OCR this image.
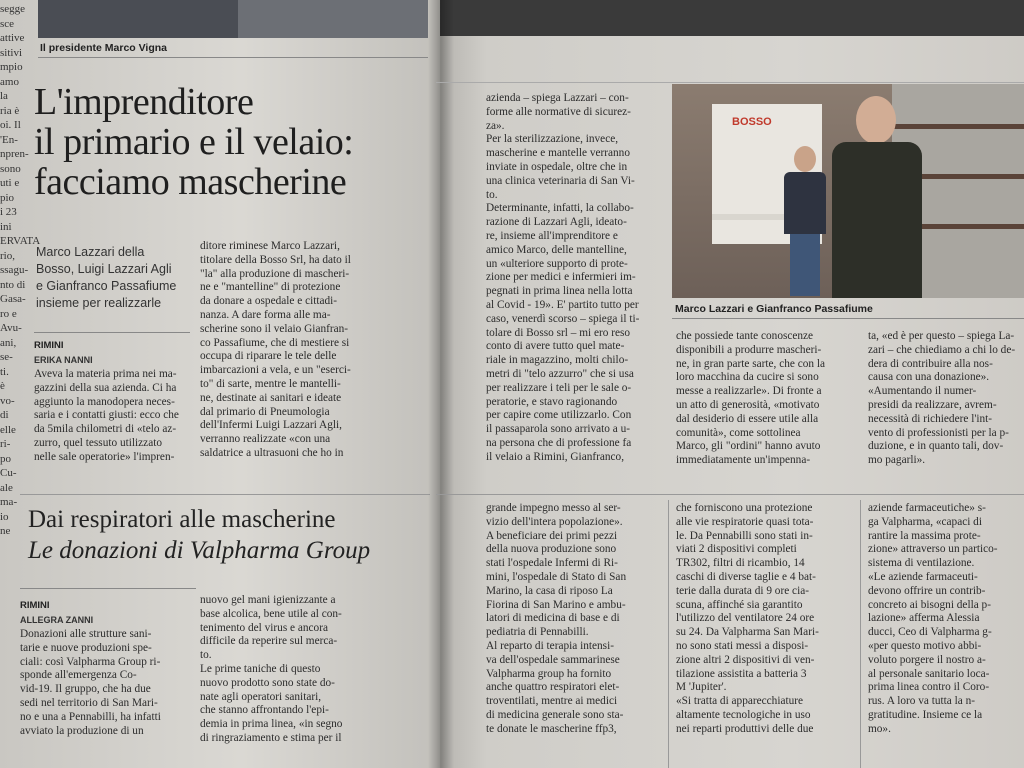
segge
sce
attive
sitivi
mpio
amo
la
ria è
oi. Il
'En-
npren-
sono
uti e
pio
i 23
ini
ERVATA
rio,
ssagu-
nto di
Gasa-
ro e
Avu-
ani,
se-
ti.
è
vo-
di
elle
ri-
po
Cu-
ale
ma-
io
ne
Il presidente Marco Vigna
L'imprenditore
il primario e il velaio:
facciamo mascherine
Marco Lazzari della
Bosso, Luigi Lazzari Agli
e Gianfranco Passafiume
insieme per realizzarle
RIMINI
ERIKA NANNI
Aveva la materia prima nei ma-
gazzini della sua azienda. Ci ha
aggiunto la manodopera neces-
saria e i contatti giusti: ecco che
da 5mila chilometri di «telo az-
zurro, quel tessuto utilizzato
nelle sale operatorie» l'impren-
ditore riminese Marco Lazzari,
titolare della Bosso Srl, ha dato il
"la" alla produzione di mascheri-
ne e "mantelline" di protezione
da donare a ospedale e cittadi-
nanza. A dare forma alle ma-
scherine sono il velaio Gianfran-
co Passafiume, che di mestiere si
occupa di riparare le tele delle
imbarcazioni a vela, e un "eserci-
to" di sarte, mentre le mantelli-
ne, destinate ai sanitari e ideate
dal primario di Pneumologia
dell'Infermi Luigi Lazzari Agli,
verranno realizzate «con una
saldatrice a ultrasuoni che ho in
Dai respiratori alle mascherine
Le donazioni di Valpharma Group
RIMINI
ALLEGRA ZANNI
Donazioni alle strutture sani-
tarie e nuove produzioni spe-
ciali: così Valpharma Group ri-
sponde all'emergenza Co-
vid-19. Il gruppo, che ha due
sedi nel territorio di San Mari-
no e una a Pennabilli, ha infatti
avviato la produzione di un
nuovo gel mani igienizzante a
base alcolica, bene utile al con-
tenimento del virus e ancora
difficile da reperire sul merca-
to.
Le prime taniche di questo
nuovo prodotto sono state do-
nate agli operatori sanitari,
che stanno affrontando l'epi-
demia in prima linea, «in segno
di ringraziamento e stima per il
azienda – spiega Lazzari – con-
forme alle normative di sicurez-
za».
Per la sterilizzazione, invece,
mascherine e mantelle verranno
inviate in ospedale, oltre che in
una clinica veterinaria di San Vi-
to.
Determinante, infatti, la collabo-
razione di Lazzari Agli, ideato-
re, insieme all'imprenditore e
amico Marco, delle mantelline,
un «ulteriore supporto di prote-
zione per medici e infermieri im-
pegnati in prima linea nella lotta
al Covid - 19». E' partito tutto per
caso, venerdì scorso – spiega il ti-
tolare di Bosso srl – mi ero reso
conto di avere tutto quel mate-
riale in magazzino, molti chilo-
metri di "telo azzurro" che si usa
per realizzare i teli per le sale o-
peratorie, e stavo ragionando
per capire come utilizzarlo. Con
il passaparola sono arrivato a u-
na persona che di professione fa
il velaio a Rimini, Gianfranco,
BOSSO
Marco Lazzari e Gianfranco Passafiume
che possiede tante conoscenze
disponibili a produrre mascheri-
ne, in gran parte sarte, che con la
loro macchina da cucire si sono
messe a realizzarle». Di fronte a
un atto di generosità, «motivato
dal desiderio di essere utile alla
comunità», come sottolinea
Marco, gli "ordini" hanno avuto
immediatamente un'impenna-
ta, «ed è per questo – spiega La-
zari – che chiediamo a chi lo de-
dera di contribuire alla nos-
causa con una donazione».
«Aumentando il numer-
presidi da realizzare, avrem-
necessità di richiedere l'int-
vento di professionisti per la p-
duzione, e in quanto tali, dov-
mo pagarli».
grande impegno messo al ser-
vizio dell'intera popolazione».
A beneficiare dei primi pezzi
della nuova produzione sono
stati l'ospedale Infermi di Ri-
mini, l'ospedale di Stato di San
Marino, la casa di riposo La
Fiorina di San Marino e ambu-
latori di medicina di base e di
pediatria di Pennabilli.
Al reparto di terapia intensi-
va dell'ospedale sammarinese
Valpharma group ha fornito
anche quattro respiratori elet-
troventilati, mentre ai medici
di medicina generale sono sta-
te donate le mascherine ffp3,
che forniscono una protezione
alle vie respiratorie quasi tota-
le. Da Pennabilli sono stati in-
viati 2 dispositivi completi
TR302, filtri di ricambio, 14
caschi di diverse taglie e 4 bat-
terie dalla durata di 9 ore cia-
scuna, affinché sia garantito
l'utilizzo del ventilatore 24 ore
su 24. Da Valpharma San Mari-
no sono stati messi a disposi-
zione altri 2 dispositivi di ven-
tilazione assistita a batteria 3
M 'Jupiter'.
«Si tratta di apparecchiature
altamente tecnologiche in uso
nei reparti produttivi delle due
aziende farmaceutiche» s-
ga Valpharma, «capaci di
rantire la massima prote-
zione» attraverso un partico-
sistema di ventilazione.
«Le aziende farmaceuti-
devono offrire un contrib-
concreto ai bisogni della p-
lazione» afferma Alessia
ducci, Ceo di Valpharma g-
«per questo motivo abbi-
voluto porgere il nostro a-
al personale sanitario loca-
prima linea contro il Coro-
rus. A loro va tutta la n-
gratitudine. Insieme ce la
mo».
